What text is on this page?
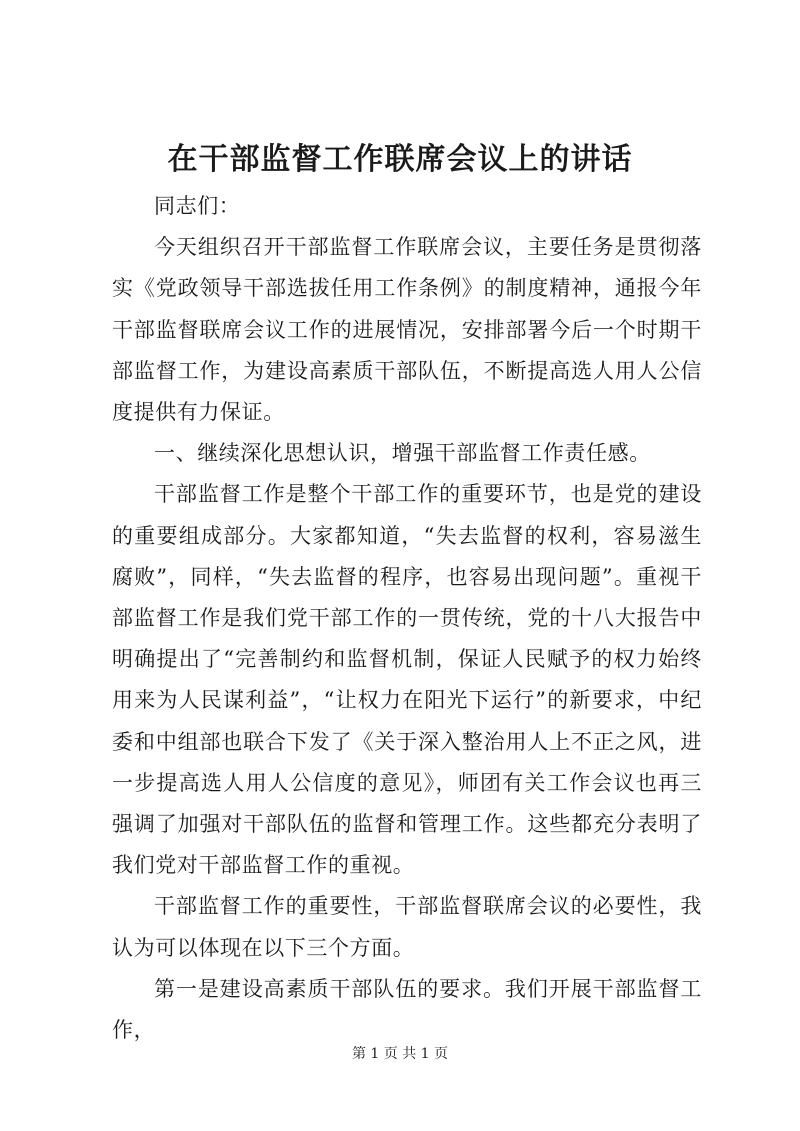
在干部监督工作联席会议上的讲话

同志们：

今天组织召开干部监督工作联席会议，主要任务是贯彻落实《党政领导干部选拔任用工作条例》的制度精神，通报今年干部监督联席会议工作的进展情况，安排部署今后一个时期干部监督工作，为建设高素质干部队伍，不断提高选人用人公信度提供有力保证。

一、继续深化思想认识，增强干部监督工作责任感。

干部监督工作是整个干部工作的重要环节，也是党的建设的重要组成部分。大家都知道，“失去监督的权利，容易滋生腐败”，同样，“失去监督的程序，也容易出现问题”。重视干部监督工作是我们党干部工作的一贯传统，党的十八大报告中明确提出了“完善制约和监督机制，保证人民赋予的权力始终用来为人民谋利益”，“让权力在阳光下运行”的新要求，中纪委和中组部也联合下发了《关于深入整治用人上不正之风，进一步提高选人用人公信度的意见》，师团有关工作会议也再三强调了加强对干部队伍的监督和管理工作。这些都充分表明了我们党对干部监督工作的重视。

干部监督工作的重要性，干部监督联席会议的必要性，我认为可以体现在以下三个方面。

第一是建设高素质干部队伍的要求。我们开展干部监督工作，

第 1 页 共 1 页
